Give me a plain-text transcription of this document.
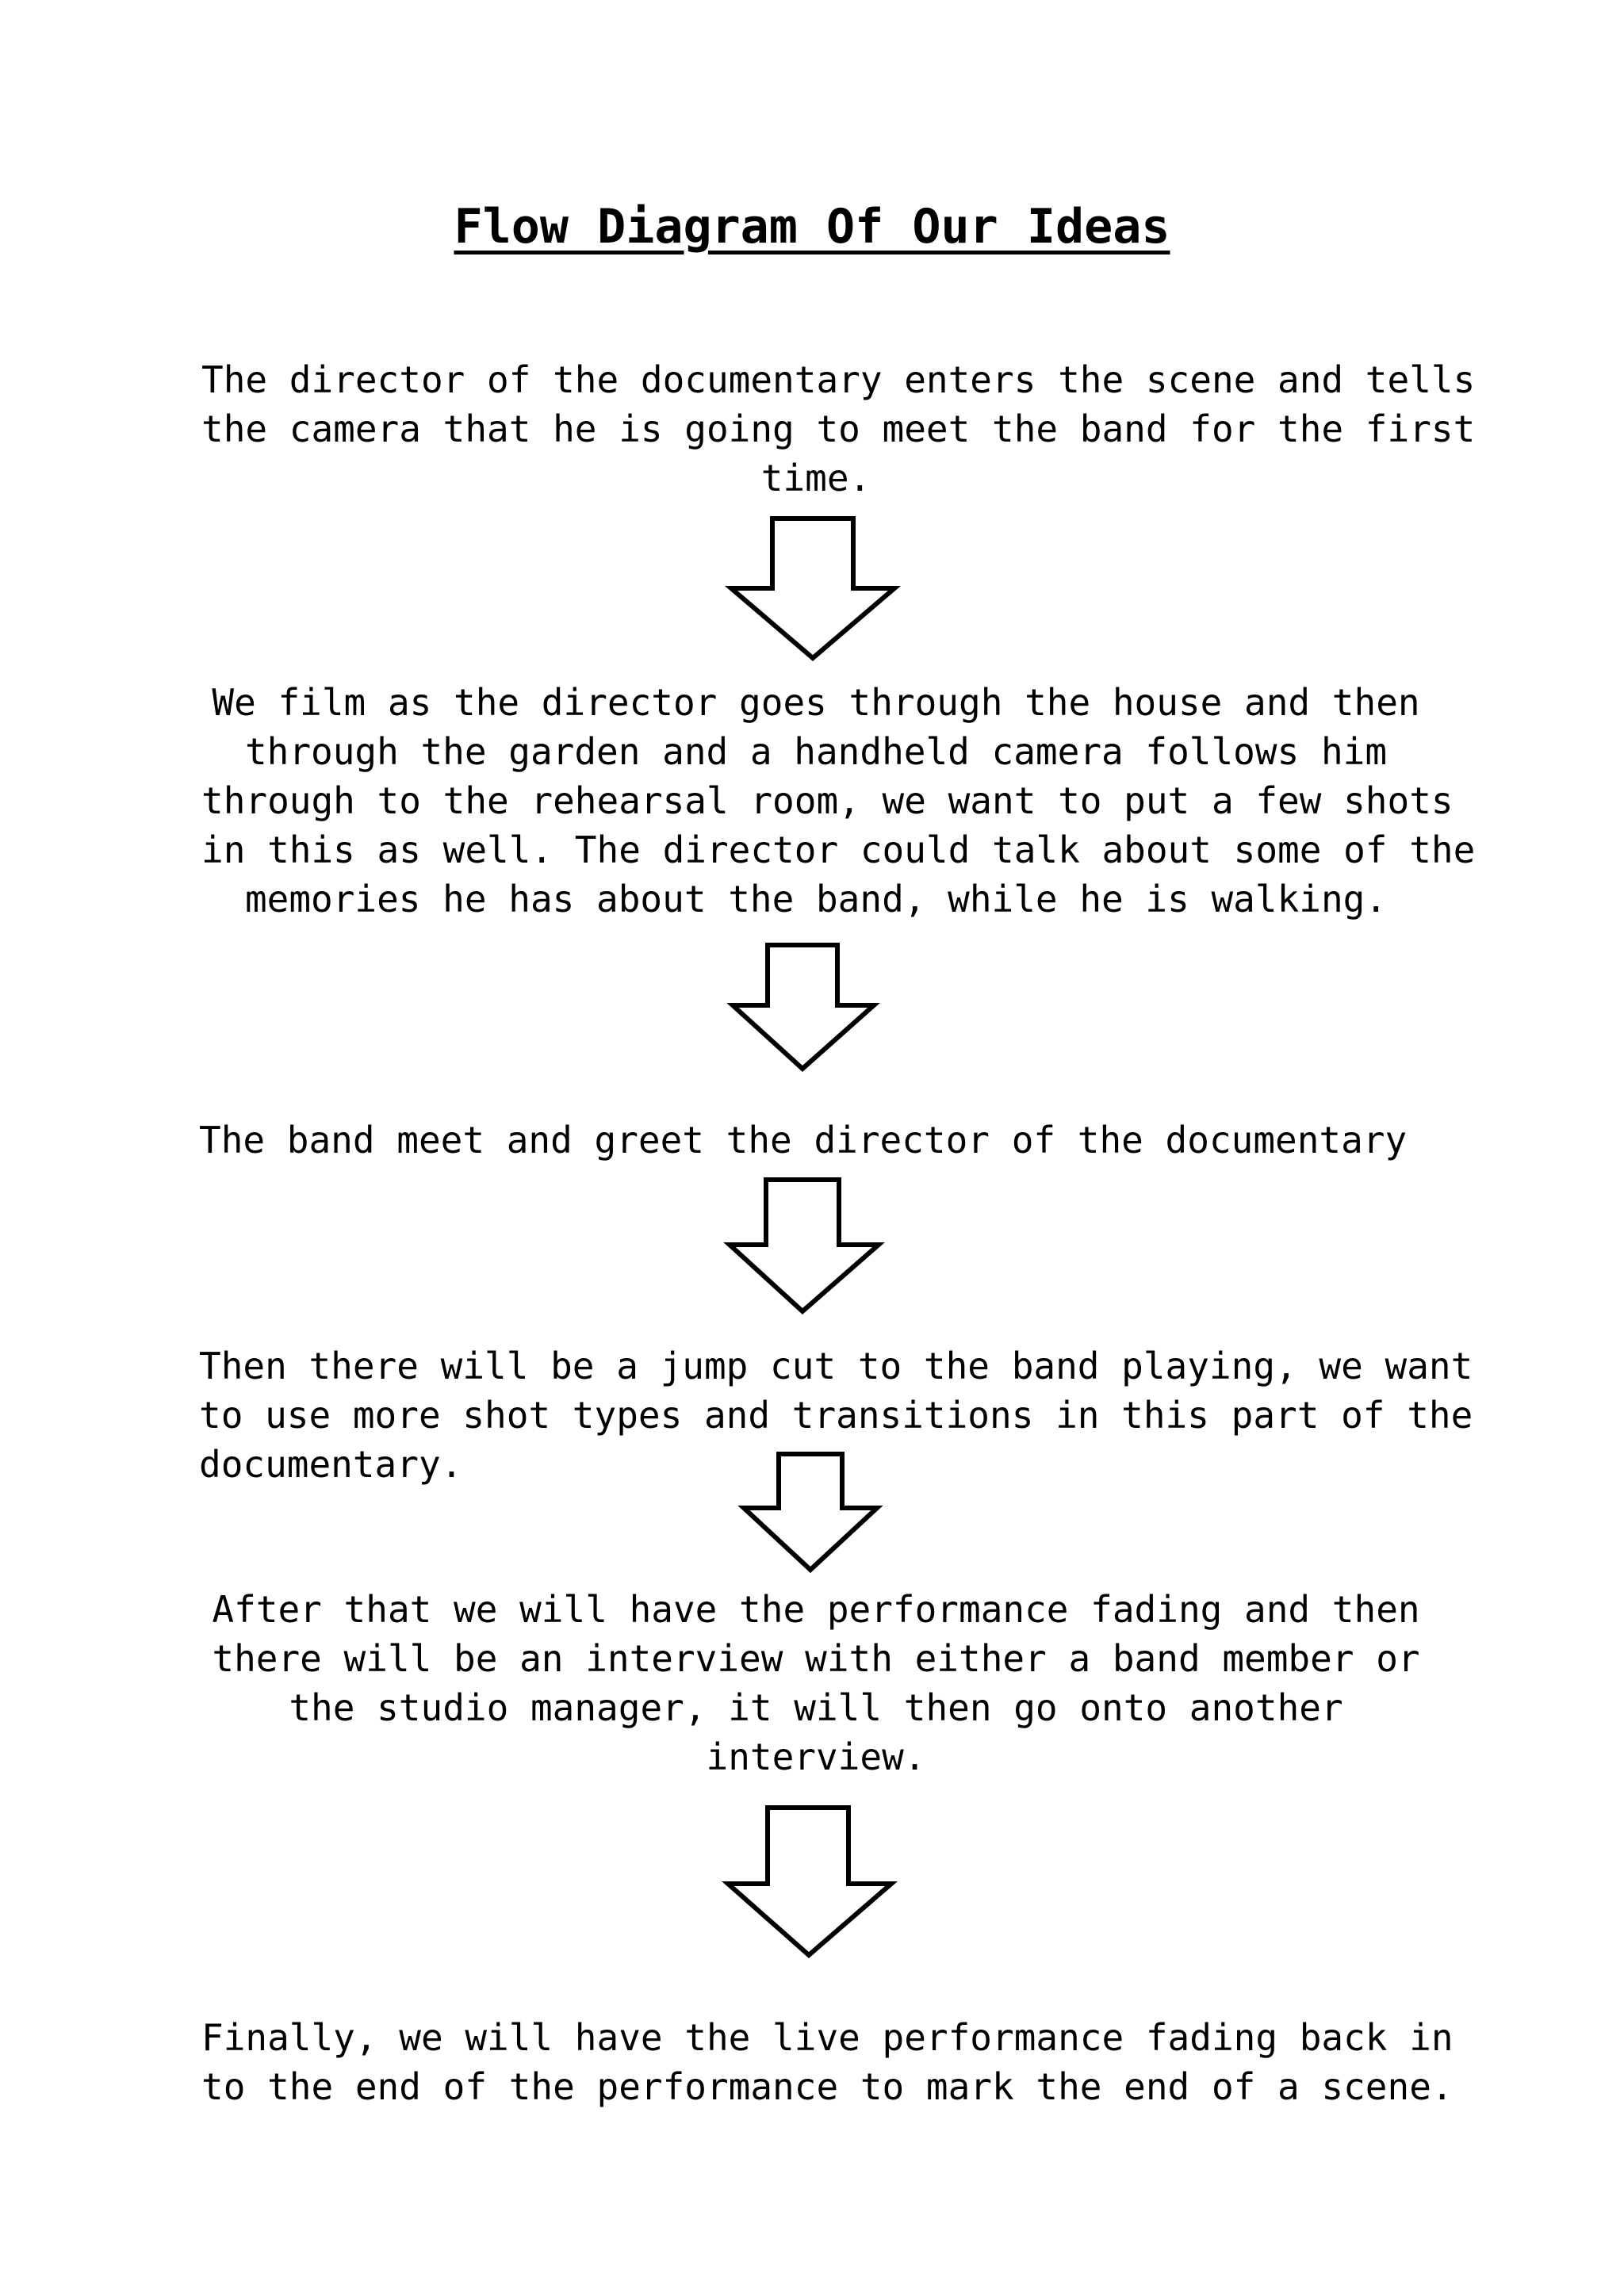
Flow Diagram Of Our Ideas

The director of the documentary enters the scene and tells
the camera that he is going to meet the band for the first
time.

We film as the director goes through the house and then
through the garden and a handheld camera follows him
through to the rehearsal room, we want to put a few shots
in this as well. The director could talk about some of the
memories he has about the band, while he is walking.

The band meet and greet the director of the documentary

Then there will be a jump cut to the band playing, we want
to use more shot types and transitions in this part of the
documentary.

After that we will have the performance fading and then
there will be an interview with either a band member or
the studio manager, it will then go onto another
interview.

Finally, we will have the live performance fading back in
to the end of the performance to mark the end of a scene.
